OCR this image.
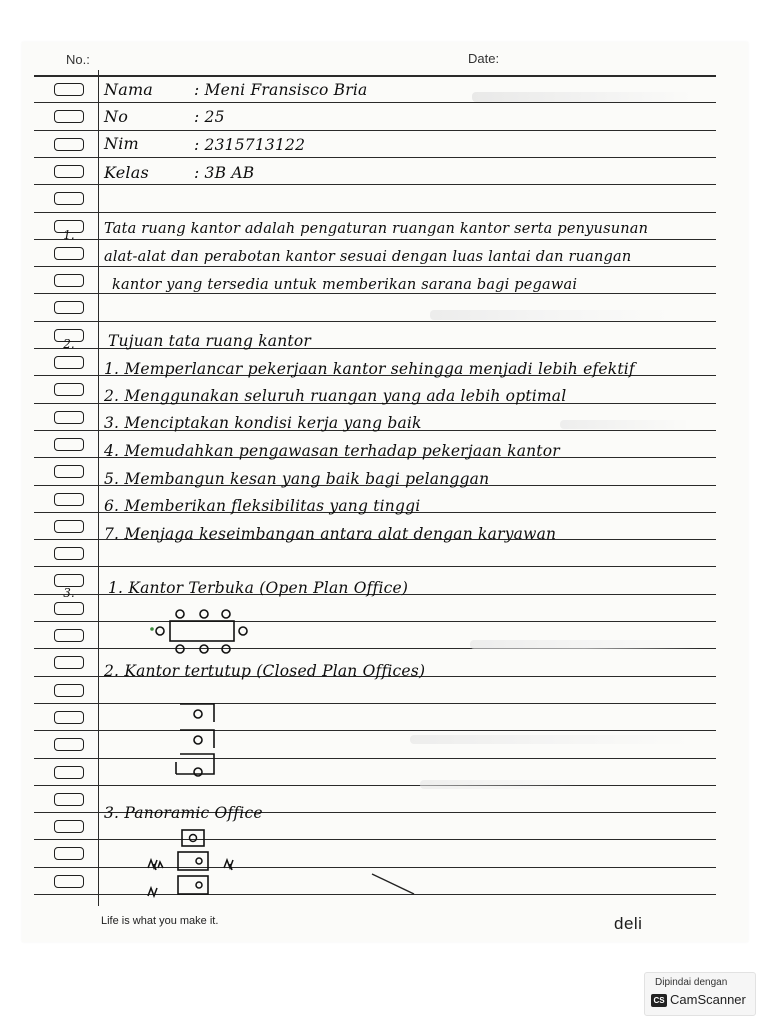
No.:	Date:
Nama	: Meni Fransisco Bria
No	: 25
Nim	: 2315713122
Kelas	: 3B AB
1. Tata ruang kantor adalah pengaturan ruangan kantor serta penyusunan
alat-alat dan perabotan kantor sesuai dengan luas lantai dan ruangan
kantor yang tersedia untuk memberikan sarana bagi pegawai
2. Tujuan tata ruang kantor
1. Memperlancar pekerjaan kantor sehingga menjadi lebih efektif
2. Menggunakan seluruh ruangan yang ada lebih optimal
3. Menciptakan kondisi kerja yang baik
4. Memudahkan pengawasan terhadap pekerjaan kantor
5. Membangun kesan yang baik bagi pelanggan
6. Memberikan fleksibilitas yang tinggi
7. Menjaga keseimbangan antara alat dengan karyawan
3. 1. Kantor Terbuka (Open Plan Office)
2. Kantor tertutup (Closed Plan Offices)
3. Panoramic Office
Life is what you make it.	deli
Dipindai dengan
CS CamScanner
